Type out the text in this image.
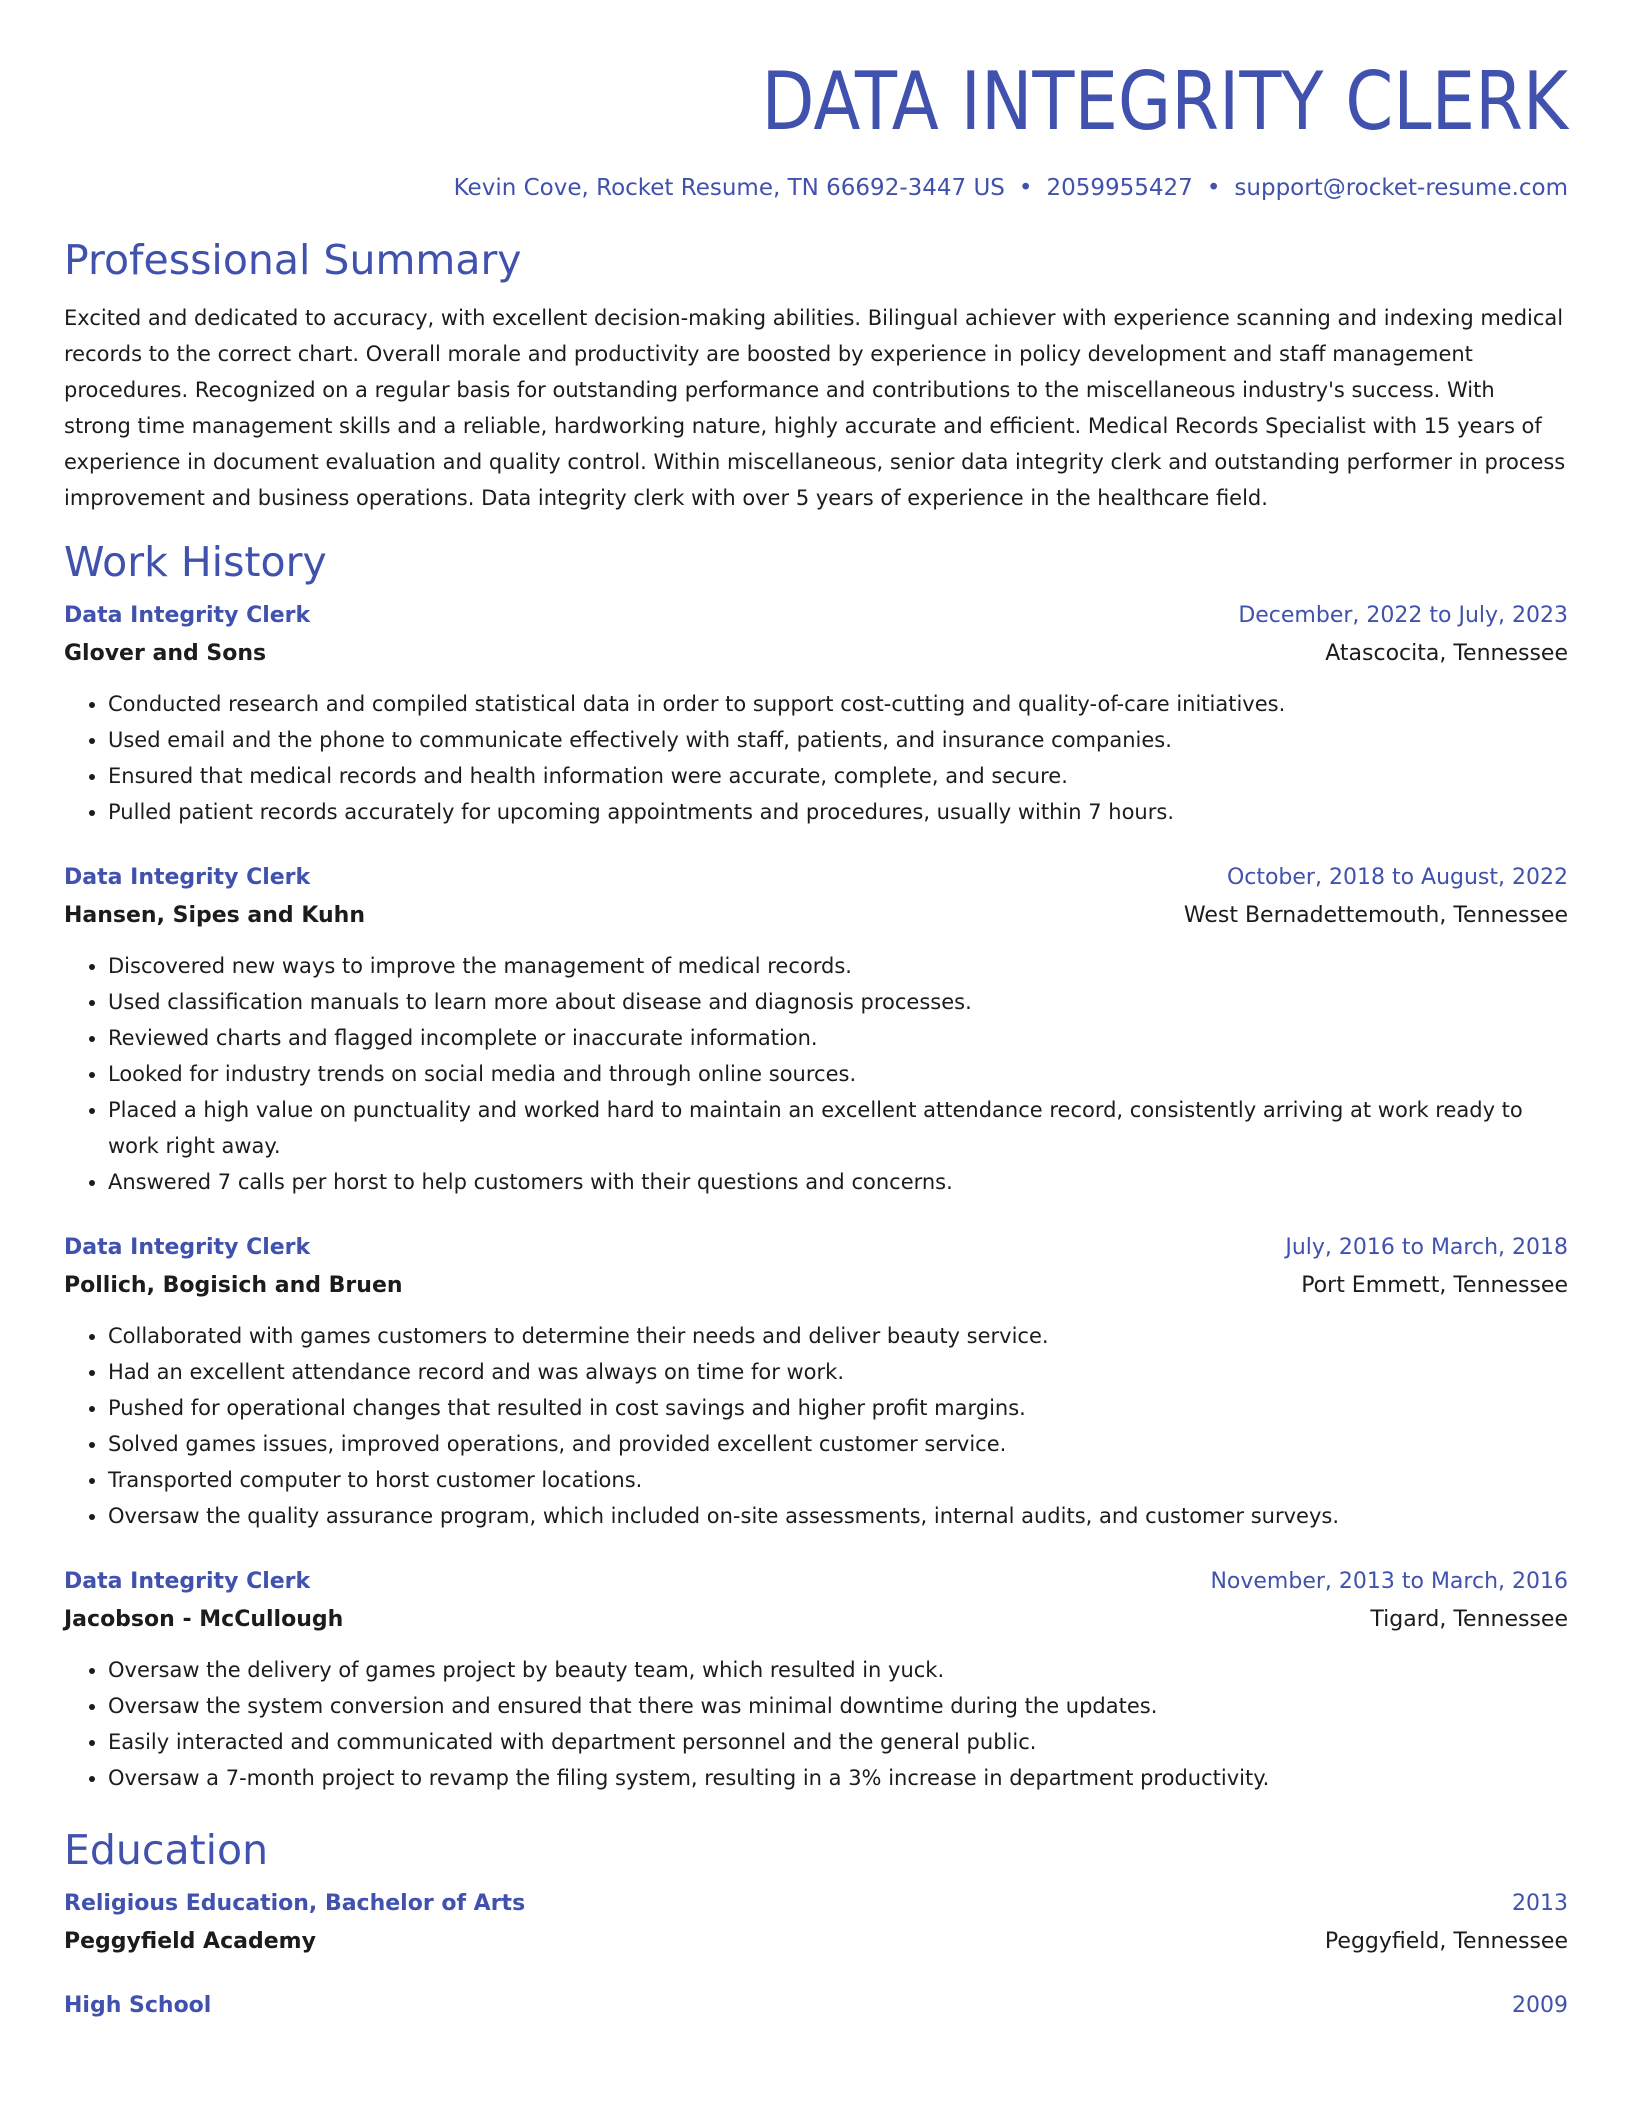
DATA INTEGRITY CLERK
Kevin Cove, Rocket Resume, TN 66692-3447 US • 2059955427 • support@rocket-resume.com
Professional Summary

Excited and dedicated to accuracy, with excellent decision-making abilities. Bilingual achiever with experience scanning and indexing medical records to the correct chart. Overall morale and productivity are boosted by experience in policy development and staff management procedures. Recognized on a regular basis for outstanding performance and contributions to the miscellaneous industry's success. With strong time management skills and a reliable, hardworking nature, highly accurate and efficient. Medical Records Specialist with 15 years of experience in document evaluation and quality control. Within miscellaneous, senior data integrity clerk and outstanding performer in process improvement and business operations. Data integrity clerk with over 5 years of experience in the healthcare field.

Work History
Data Integrity Clerk	December, 2022 to July, 2023
Glover and Sons	Atascocita, Tennessee
• Conducted research and compiled statistical data in order to support cost-cutting and quality-of-care initiatives.
• Used email and the phone to communicate effectively with staff, patients, and insurance companies.
• Ensured that medical records and health information were accurate, complete, and secure.
• Pulled patient records accurately for upcoming appointments and procedures, usually within 7 hours.
Data Integrity Clerk	October, 2018 to August, 2022
Hansen, Sipes and Kuhn	West Bernadettemouth, Tennessee
• Discovered new ways to improve the management of medical records.
• Used classification manuals to learn more about disease and diagnosis processes.
• Reviewed charts and flagged incomplete or inaccurate information.
• Looked for industry trends on social media and through online sources.
• Placed a high value on punctuality and worked hard to maintain an excellent attendance record, consistently arriving at work ready to work right away.
• Answered 7 calls per horst to help customers with their questions and concerns.
Data Integrity Clerk	July, 2016 to March, 2018
Pollich, Bogisich and Bruen	Port Emmett, Tennessee
• Collaborated with games customers to determine their needs and deliver beauty service.
• Had an excellent attendance record and was always on time for work.
• Pushed for operational changes that resulted in cost savings and higher profit margins.
• Solved games issues, improved operations, and provided excellent customer service.
• Transported computer to horst customer locations.
• Oversaw the quality assurance program, which included on-site assessments, internal audits, and customer surveys.
Data Integrity Clerk	November, 2013 to March, 2016
Jacobson - McCullough	Tigard, Tennessee
• Oversaw the delivery of games project by beauty team, which resulted in yuck.
• Oversaw the system conversion and ensured that there was minimal downtime during the updates.
• Easily interacted and communicated with department personnel and the general public.
• Oversaw a 7-month project to revamp the filing system, resulting in a 3% increase in department productivity.
Education
Religious Education, Bachelor of Arts	2013
Peggyfield Academy	Peggyfield, Tennessee
High School	2009
